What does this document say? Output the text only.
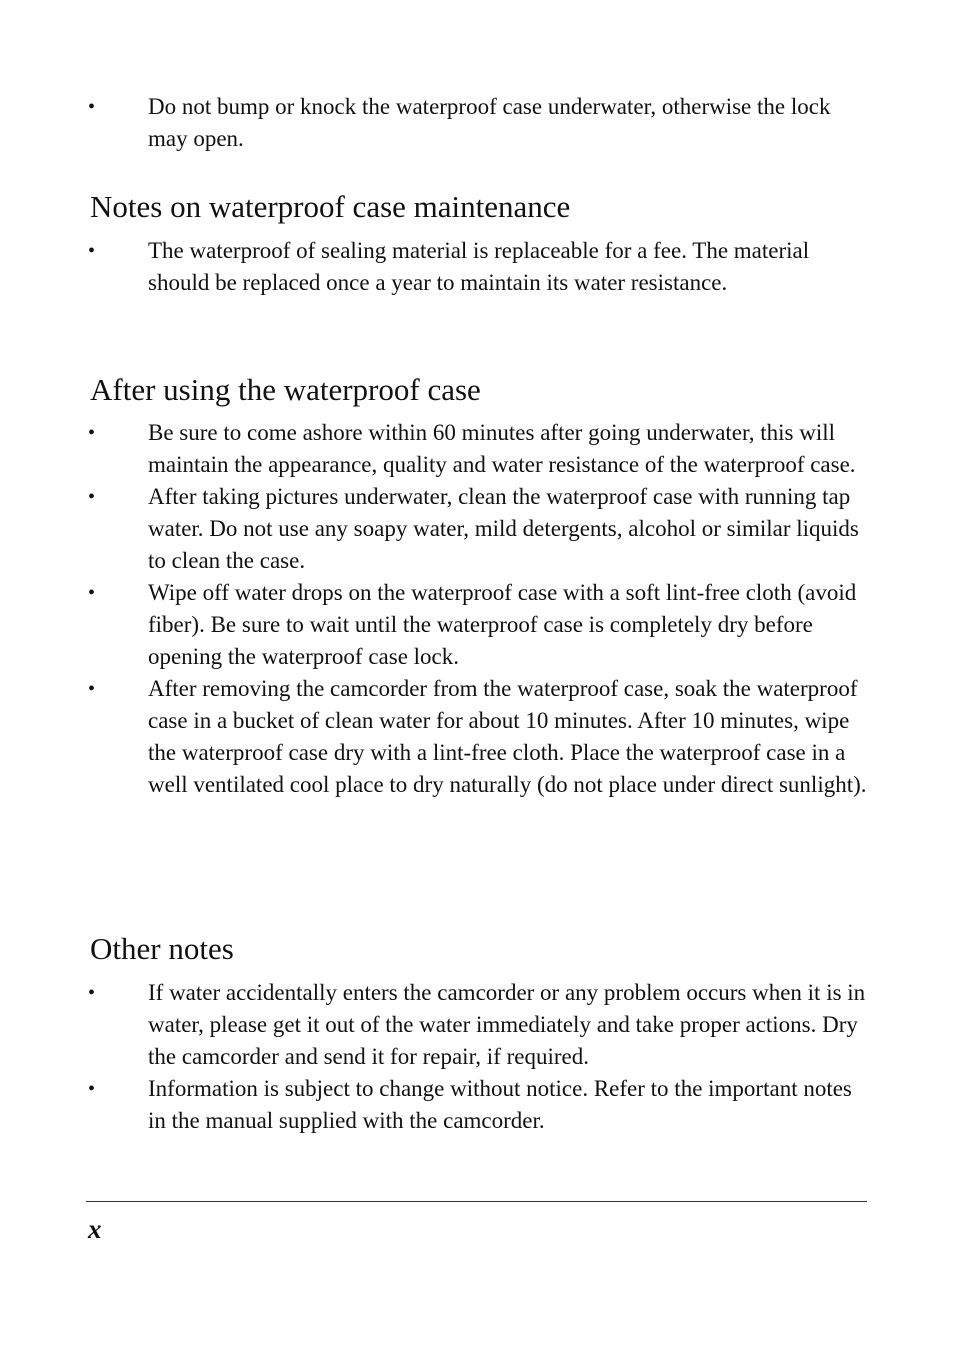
•	Do not bump or knock the waterproof case underwater, otherwise the lock may open.
Notes on waterproof case maintenance
•	The waterproof of sealing material is replaceable for a fee. The material should be replaced once a year to maintain its water resistance.
After using the waterproof case
•	Be sure to come ashore within 60 minutes after going underwater, this will maintain the appearance, quality and water resistance of the waterproof case.
•	After taking pictures underwater, clean the waterproof case with running tap water. Do not use any soapy water, mild detergents, alcohol or similar liquids to clean the case.
•	Wipe off water drops on the waterproof case with a soft lint-free cloth (avoid fiber). Be sure to wait until the waterproof case is completely dry before opening the waterproof case lock.
•	After removing the camcorder from the waterproof case, soak the waterproof case in a bucket of clean water for about 10 minutes. After 10 minutes, wipe the waterproof case dry with a lint-free cloth. Place the waterproof case in a well ventilated cool place to dry naturally (do not place under direct sunlight).
Other notes
•	If water accidentally enters the camcorder or any problem occurs when it is in water, please get it out of the water immediately and take proper actions. Dry the camcorder and send it for repair, if required.
•	Information is subject to change without notice. Refer to the important notes in the manual supplied with the camcorder.
x
